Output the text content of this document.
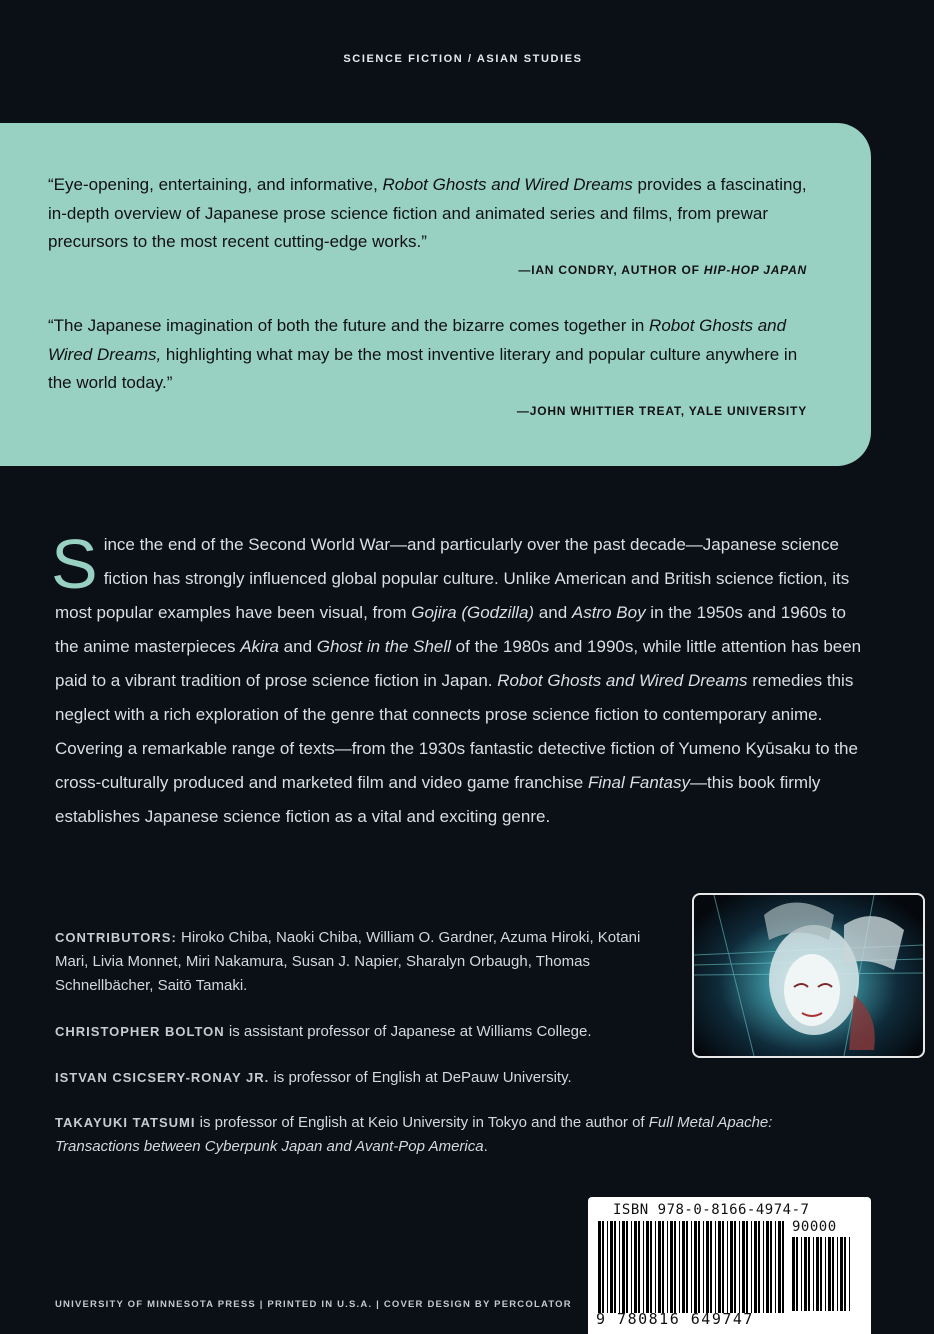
SCIENCE FICTION / ASIAN STUDIES
“Eye-opening, entertaining, and informative, Robot Ghosts and Wired Dreams provides a fascinating, in-depth overview of Japanese prose science fiction and animated series and films, from prewar precursors to the most recent cutting-edge works.”
—IAN CONDRY, AUTHOR OF HIP-HOP JAPAN
“The Japanese imagination of both the future and the bizarre comes together in Robot Ghosts and Wired Dreams, highlighting what may be the most inventive literary and popular culture anywhere in the world today.”
—JOHN WHITTIER TREAT, YALE UNIVERSITY
Since the end of the Second World War—and particularly over the past decade—Japanese science fiction has strongly influenced global popular culture. Unlike American and British science fiction, its most popular examples have been visual, from Gojira (Godzilla) and Astro Boy in the 1950s and 1960s to the anime masterpieces Akira and Ghost in the Shell of the 1980s and 1990s, while little attention has been paid to a vibrant tradition of prose science fiction in Japan. Robot Ghosts and Wired Dreams remedies this neglect with a rich exploration of the genre that connects prose science fiction to contemporary anime. Covering a remarkable range of texts—from the 1930s fantastic detective fiction of Yumeno Kyūsaku to the cross-culturally produced and marketed film and video game franchise Final Fantasy—this book firmly establishes Japanese science fiction as a vital and exciting genre.
CONTRIBUTORS: Hiroko Chiba, Naoki Chiba, William O. Gardner, Azuma Hiroki, Kotani Mari, Livia Monnet, Miri Nakamura, Susan J. Napier, Sharalyn Orbaugh, Thomas Schnellbächer, Saitō Tamaki.
CHRISTOPHER BOLTON is assistant professor of Japanese at Williams College.
ISTVAN CSICSERY-RONAY JR. is professor of English at DePauw University.
TAKAYUKI TATSUMI is professor of English at Keio University in Tokyo and the author of Full Metal Apache: Transactions between Cyberpunk Japan and Avant-Pop America.
ISBN 978-0-8166-4974-7
90000
9 780816 649747
UNIVERSITY OF MINNESOTA PRESS | PRINTED IN U.S.A. | COVER DESIGN BY PERCOLATOR
